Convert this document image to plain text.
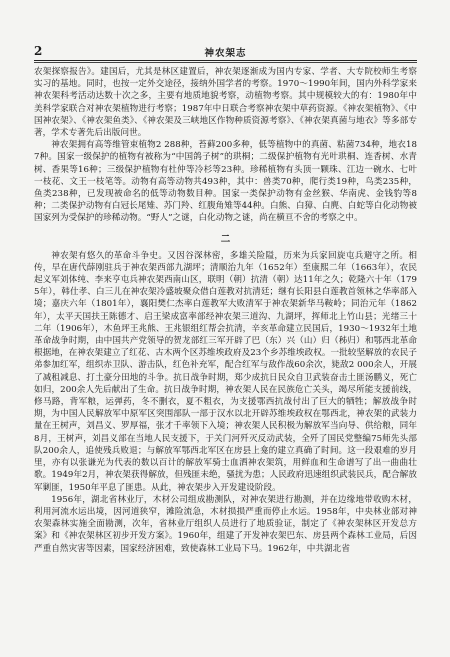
2	神农架志

农架探察报告》。建国后，尤其是林区建置后，神农架逐渐成为国内专家、学者、大专院校师生考察实习的基地。同时，也按一定外交途径，接纳外国学者的考察。1970～1990年间，国内外科学家来神农架科考活动达数十次之多，主要有地质地貌考察，动植物考察。其中规模较大的有：1980年中美科学家联合对神农架植物进行考察；1987年中日联合考察神农架中草药资源。《神农架植物》、《中国神农架》、《神农架鱼类》、《神农架及三峡地区作物种质资源考察》、《神农架真菌与地衣》等多部专著，学术专著先后出版问世。

神农架拥有高等维管束植物2 288种，苔藓200多种，低等植物中的真菌、粘菌734种，地衣187种。国家一级保护的植物有被称为“中国鸽子树”的珙桐；二级保护植物有光叶珙桐、连香树、水青树、香果等16种；三级保护植物有杜仲等冷杉等23种。珍稀植物有头顶一颗珠、江边一碗水、七叶一枝花、文王一枝笔等。动物有高等动物共493种，其中：兽类70种，爬行类19种，鸟类235种，鱼类238种，已发现被命名的低等动物数目种。国家一类保护动物有金丝猴、华南虎、金钱豹等8种；二类保护动物有白冠长尾雉、苏门羚、红腹角雉等44种。白熊、白獐、白麂、白蛇等白化动物被国家列为受保护的珍稀动物。“野人”之谜，白化动物之谜，尚在横亘不舍的考察之中。

二

神农架有悠久的革命斗争史。又因谷深林密，多雄关险隘，历来为兵家回旋屯兵避守之所。相传，早在唐代薛刚驻兵于神农架西部九湖坪；清顺治九年（1652年）至康熙二年（1663年），农民起义军刘体纯、李来亨屯兵神农架西南山区，联明（朝）抗清（朝）达11年之久；乾隆六十年（1795年），韩仕孝、白三儿在神农架冷盛坡聚众借白莲教对抗清廷；继有长阳县白莲教首领林之华率部入境；嘉庆六年（1801年），襄阳樊仁杰率白莲教军大败清军于神农架新华马鞍岭；同治元年（1862年），太平天国扶王陈德才、启王梁成富率部经神农架三道沟、九湖坪，挥师北上竹山县；光绪三十二年（1906年），木鱼坪王兆熊、王兆银组红帮会抗清，辛亥革命建立民国后，1930～1932年土地革命战争时期，由中国共产党领导的贺龙部红三军开辟了巴（东）兴（山）归（秭归）和鄂西北革命根据地，在神农架建立了红花、古木两个区苏维埃政府及23个乡苏维埃政权。一批较坚解放的农民子弟参加红军，组织赤卫队、游击队，红色补充军，配合红军与敌作战60余次，毙敌2 000余人，开展了减租减息、打土豪分田地的斗争。抗日战争时期，郑少成抗日民众自卫武装奋击土匪汤鹏义，死亡如归，200余人先后献出了生命。抗日战争时期，神农架人民在民族危亡关头，竭尽所能支援前线，修马路，背军粮，运弹药，冬不删衣，夏不粗衣，为支援鄂西抗战付出了巨大的牺牲；解放战争时期，为中国人民解放军中原军区突围部队一部于汉水以北开辟苏维埃政权在鄂西北，神农架的武装力量在王树声，刘昌义、罗厚福，张才千率领下入境；神农架人民积极为解放军当向导、供给粮，同年8月，王树声，刘昌义部在当地人民支援下，于关门河歼灭反动武装，全歼了国民党整编75师先头部队200余人，追使残兵败退；与解放军鄂西北军区在房县上龛的建立真确了时间。这一段艰难的岁月里，亦有以张谦光为代表的数以百计的解放军骑士血洒神农架筑，用鲜血和生命谱写了出一曲曲壮歌。1949年2月，神农架获得解放，但残匪未绝，骚扰为患；人民政府迅速组织武装民兵，配合解放军剿匪，1950年平息了匪患。从此，神农架步入开发建设阶段。

1956年，湖北省林业厅，木材公司组成勘测队，对神农架进行勘测，并在边缘地带收购木材，利用河流水运出境，因河道狭窄，滩险流急，木材损损严重而停止水运。1958年，中央林业部对神农架森林实施全面勘测，次年，省林业厅组织人员进行了地质验证，制定了《神农架林区开发总方案》和《神农架林区初步开发方案》。1960年，组建了开发神农架巴东、房县两个森林工业局，后因严重自然灾害等因素，国家经济困难，致使森林工业局下马。1962年，中共湖北省
